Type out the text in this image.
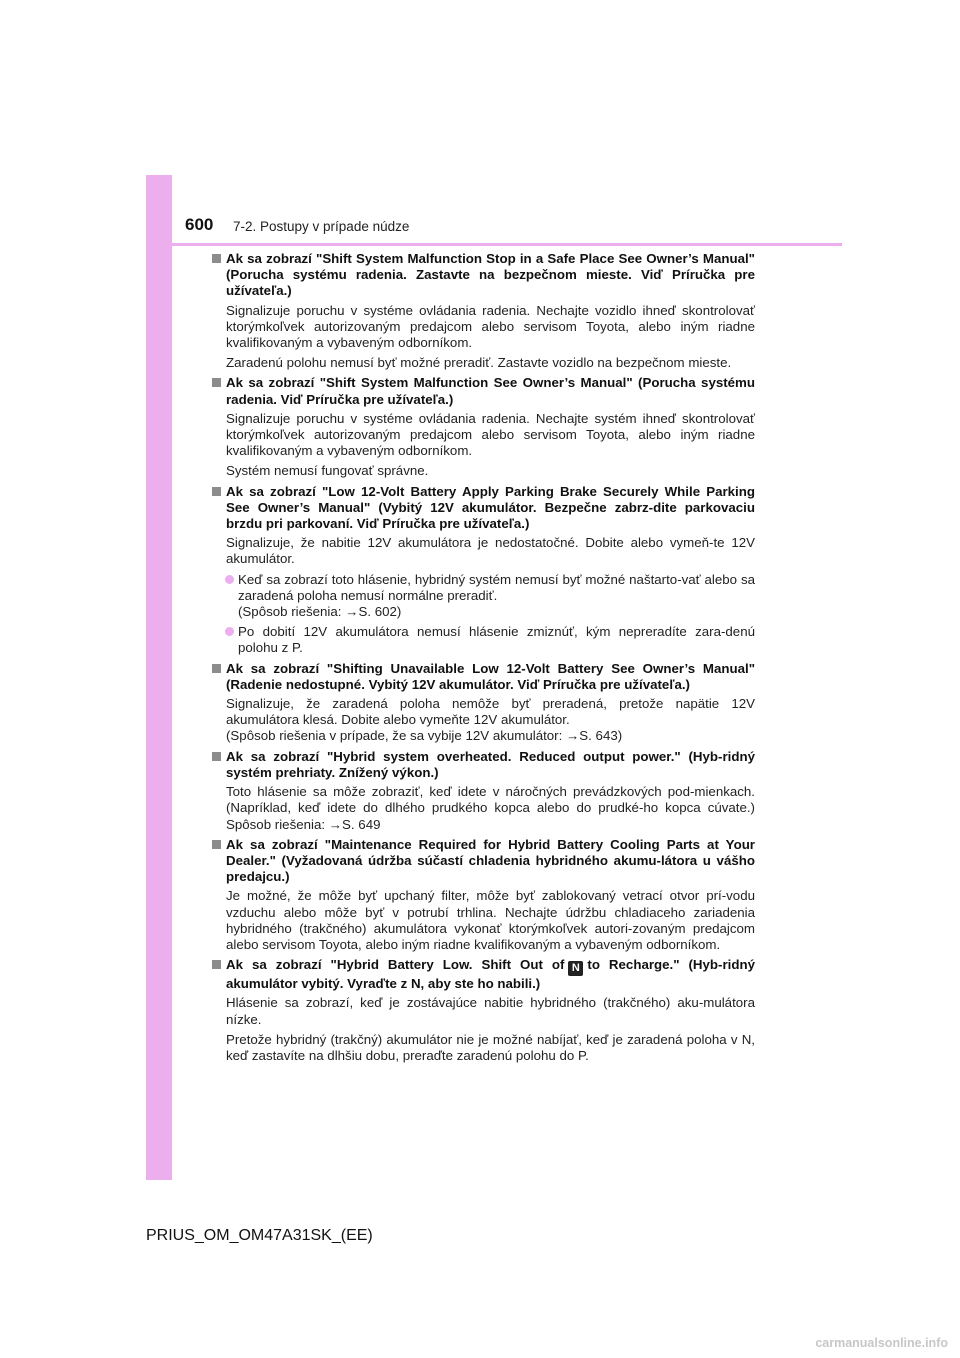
600 7-2. Postupy v prípade núdze
Ak sa zobrazí "Shift System Malfunction Stop in a Safe Place See Owner’s Manual" (Porucha systému radenia. Zastavte na bezpečnom mieste. Viď Príručka pre užívateľa.)
Signalizuje poruchu v systéme ovládania radenia. Nechajte vozidlo ihneď skontrolovať ktorýmkoľvek autorizovaným predajcom alebo servisom Toyota, alebo iným riadne kvalifikovaným a vybaveným odborníkom.
Zaradenú polohu nemusí byť možné preradiť. Zastavte vozidlo na bezpečnom mieste.
Ak sa zobrazí "Shift System Malfunction See Owner’s Manual" (Porucha systému radenia. Viď Príručka pre užívateľa.)
Signalizuje poruchu v systéme ovládania radenia. Nechajte systém ihneď skontrolovať ktorýmkoľvek autorizovaným predajcom alebo servisom Toyota, alebo iným riadne kvalifikovaným a vybaveným odborníkom.
Systém nemusí fungovať správne.
Ak sa zobrazí "Low 12-Volt Battery Apply Parking Brake Securely While Parking See Owner’s Manual" (Vybitý 12V akumulátor. Bezpečne zabrz-dite parkovaciu brzdu pri parkovaní. Viď Príručka pre užívateľa.)
Signalizuje, že nabitie 12V akumulátora je nedostatočné. Dobite alebo vymeň-te 12V akumulátor.
Keď sa zobrazí toto hlásenie, hybridný systém nemusí byť možné naštarto-vať alebo sa zaradená poloha nemusí normálne preradiť.
(Spôsob riešenia: →S. 602)
Po dobití 12V akumulátora nemusí hlásenie zmiznúť, kým nepreradíte zara-denú polohu z P.
Ak sa zobrazí "Shifting Unavailable Low 12-Volt Battery See Owner’s Manual" (Radenie nedostupné. Vybitý 12V akumulátor. Viď Príručka pre užívateľa.)
Signalizuje, že zaradená poloha nemôže byť preradená, pretože napätie 12V akumulátora klesá. Dobite alebo vymeňte 12V akumulátor.
(Spôsob riešenia v prípade, že sa vybije 12V akumulátor: →S. 643)
Ak sa zobrazí "Hybrid system overheated. Reduced output power." (Hyb-ridný systém prehriaty. Znížený výkon.)
Toto hlásenie sa môže zobraziť, keď idete v náročných prevádzkových pod-mienkach. (Napríklad, keď idete do dlhého prudkého kopca alebo do prudké-ho kopca cúvate.) Spôsob riešenia: →S. 649
Ak sa zobrazí "Maintenance Required for Hybrid Battery Cooling Parts at Your Dealer." (Vyžadovaná údržba súčastí chladenia hybridného akumu-látora u vášho predajcu.)
Je možné, že môže byť upchaný filter, môže byť zablokovaný vetrací otvor prí-vodu vzduchu alebo môže byť v potrubí trhlina. Nechajte údržbu chladiaceho zariadenia hybridného (trakčného) akumulátora vykonať ktorýmkoľvek autori-zovaným predajcom alebo servisom Toyota, alebo iným riadne kvalifikovaným a vybaveným odborníkom.
Ak sa zobrazí "Hybrid Battery Low. Shift Out of N to Recharge." (Hyb-ridný akumulátor vybitý. Vyraďte z N, aby ste ho nabili.)
Hlásenie sa zobrazí, keď je zostávajúce nabitie hybridného (trakčného) aku-mulátora nízke.
Pretože hybridný (trakčný) akumulátor nie je možné nabíjať, keď je zaradená poloha v N, keď zastavíte na dlhšiu dobu, preraďte zaradenú polohu do P.
PRIUS_OM_OM47A31SK_(EE)
carmanualsonline.info
